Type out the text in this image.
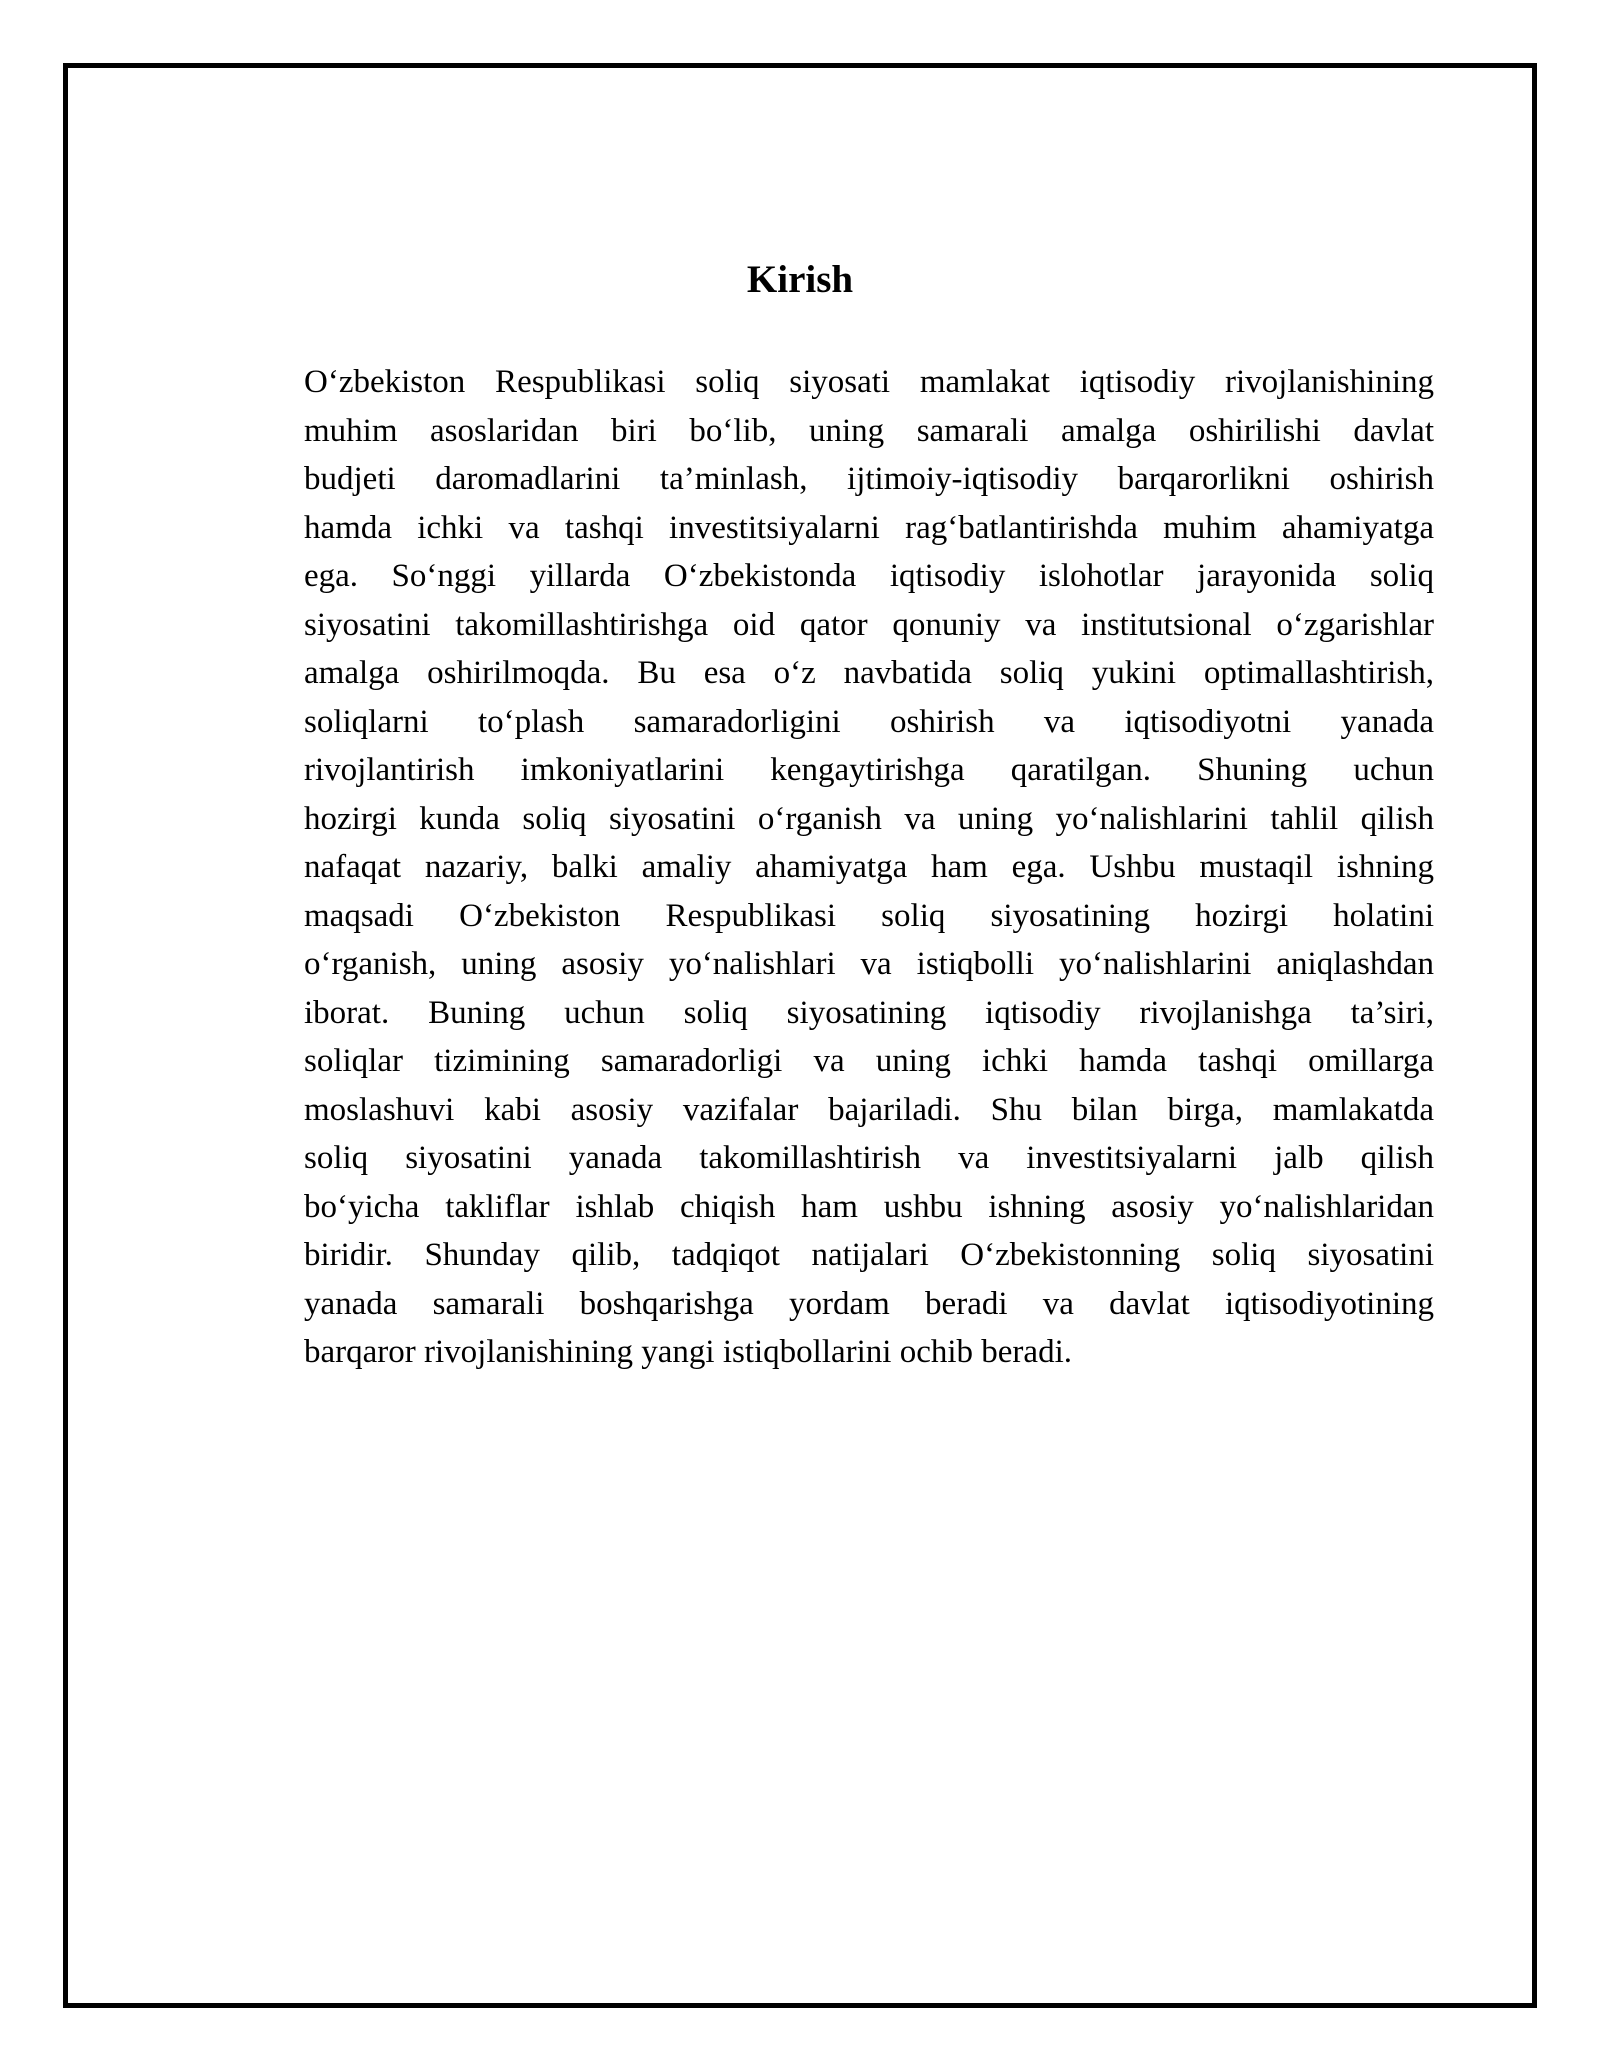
Kirish

O‘zbekiston Respublikasi soliq siyosati mamlakat iqtisodiy rivojlanishining
muhim asoslaridan biri bo‘lib, uning samarali amalga oshirilishi davlat
budjeti daromadlarini ta’minlash, ijtimoiy-iqtisodiy barqarorlikni oshirish
hamda ichki va tashqi investitsiyalarni rag‘batlantirishda muhim ahamiyatga
ega. So‘nggi yillarda O‘zbekistonda iqtisodiy islohotlar jarayonida soliq
siyosatini takomillashtirishga oid qator qonuniy va institutsional o‘zgarishlar
amalga oshirilmoqda. Bu esa o‘z navbatida soliq yukini optimallashtirish,
soliqlarni to‘plash samaradorligini oshirish va iqtisodiyotni yanada
rivojlantirish imkoniyatlarini kengaytirishga qaratilgan. Shuning uchun
hozirgi kunda soliq siyosatini o‘rganish va uning yo‘nalishlarini tahlil qilish
nafaqat nazariy, balki amaliy ahamiyatga ham ega. Ushbu mustaqil ishning
maqsadi O‘zbekiston Respublikasi soliq siyosatining hozirgi holatini
o‘rganish, uning asosiy yo‘nalishlari va istiqbolli yo‘nalishlarini aniqlashdan
iborat. Buning uchun soliq siyosatining iqtisodiy rivojlanishga ta’siri,
soliqlar tizimining samaradorligi va uning ichki hamda tashqi omillarga
moslashuvi kabi asosiy vazifalar bajariladi. Shu bilan birga, mamlakatda
soliq siyosatini yanada takomillashtirish va investitsiyalarni jalb qilish
bo‘yicha takliflar ishlab chiqish ham ushbu ishning asosiy yo‘nalishlaridan
biridir. Shunday qilib, tadqiqot natijalari O‘zbekistonning soliq siyosatini
yanada samarali boshqarishga yordam beradi va davlat iqtisodiyotining
barqaror rivojlanishining yangi istiqbollarini ochib beradi.
